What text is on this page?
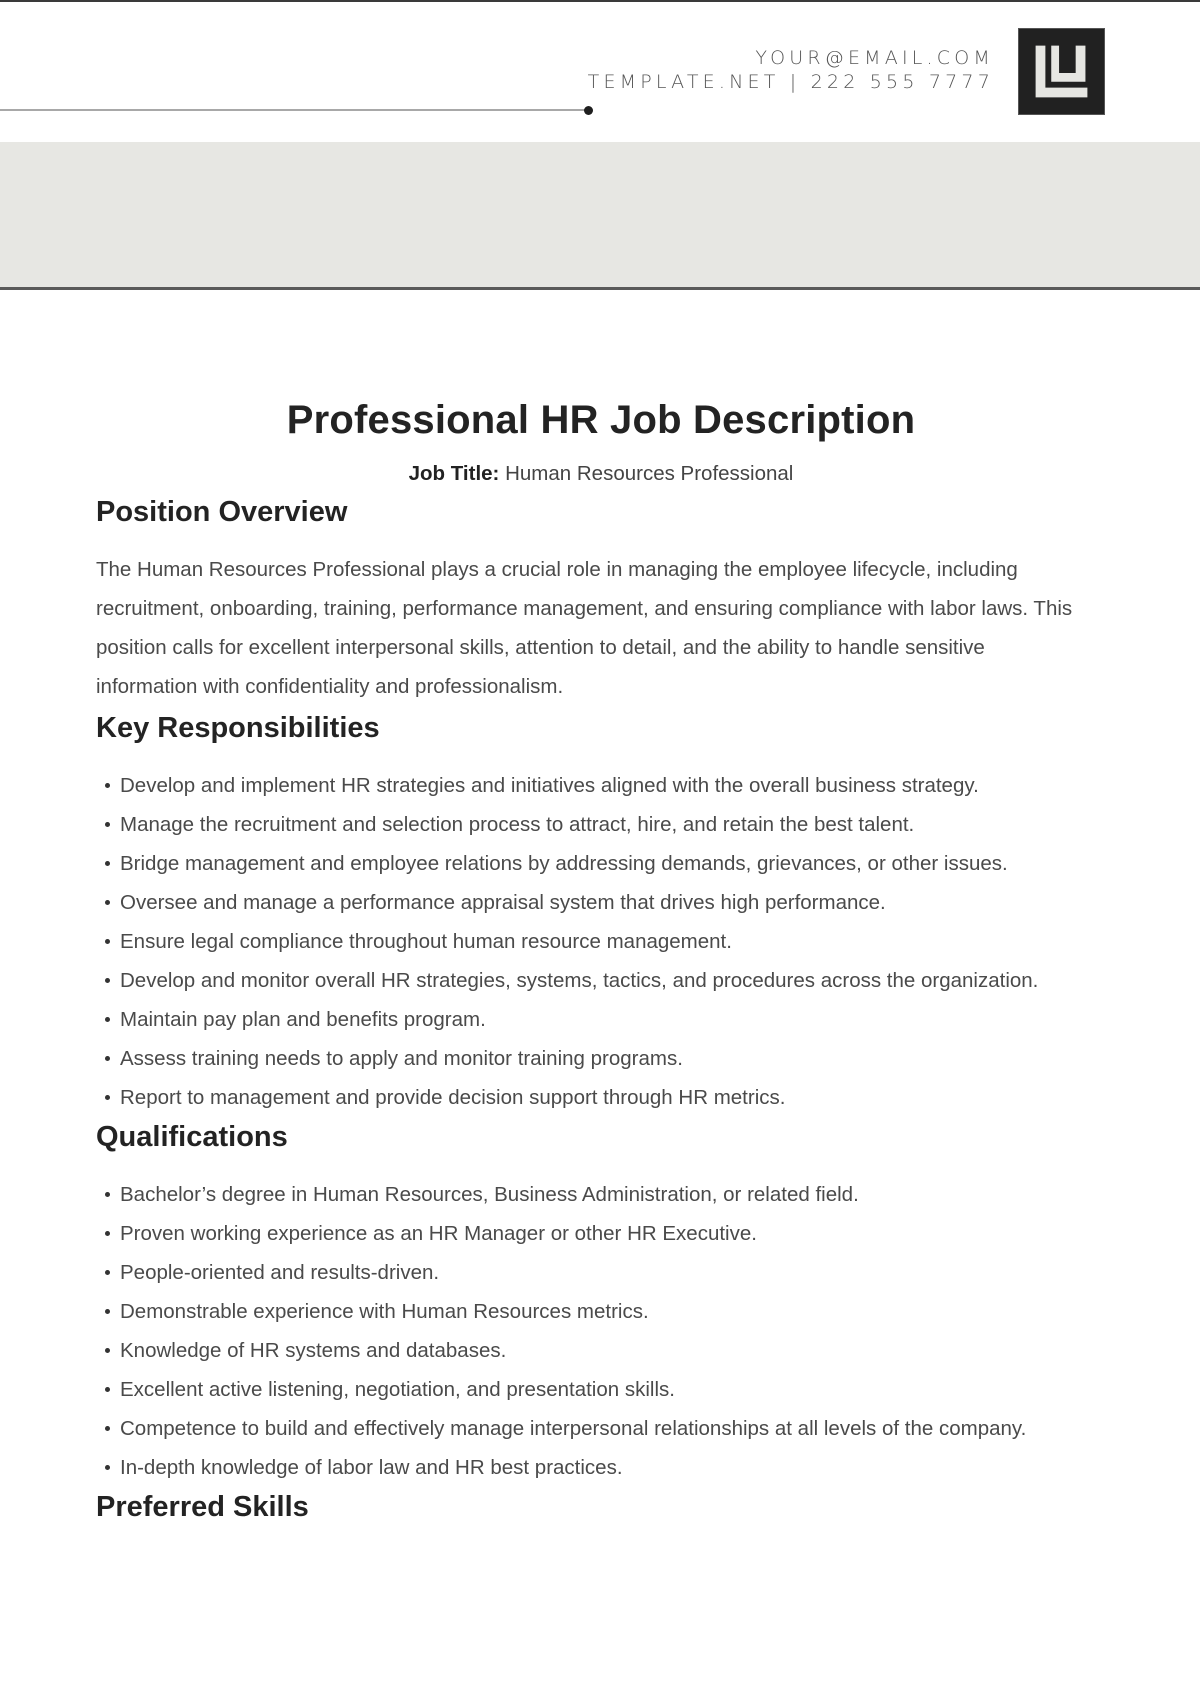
YOUR@EMAIL.COM
TEMPLATE.NET | 222 555 7777
Professional HR Job Description
Job Title: Human Resources Professional
Position Overview

The Human Resources Professional plays a crucial role in managing the employee lifecycle, including recruitment, onboarding, training, performance management, and ensuring compliance with labor laws. This position calls for excellent interpersonal skills, attention to detail, and the ability to handle sensitive information with confidentiality and professionalism.

Key Responsibilities
Develop and implement HR strategies and initiatives aligned with the overall business strategy.
Manage the recruitment and selection process to attract, hire, and retain the best talent.
Bridge management and employee relations by addressing demands, grievances, or other issues.
Oversee and manage a performance appraisal system that drives high performance.
Ensure legal compliance throughout human resource management.
Develop and monitor overall HR strategies, systems, tactics, and procedures across the organization.
Maintain pay plan and benefits program.
Assess training needs to apply and monitor training programs.
Report to management and provide decision support through HR metrics.
Qualifications
Bachelor’s degree in Human Resources, Business Administration, or related field.
Proven working experience as an HR Manager or other HR Executive.
People-oriented and results-driven.
Demonstrable experience with Human Resources metrics.
Knowledge of HR systems and databases.
Excellent active listening, negotiation, and presentation skills.
Competence to build and effectively manage interpersonal relationships at all levels of the company.
In-depth knowledge of labor law and HR best practices.
Preferred Skills
